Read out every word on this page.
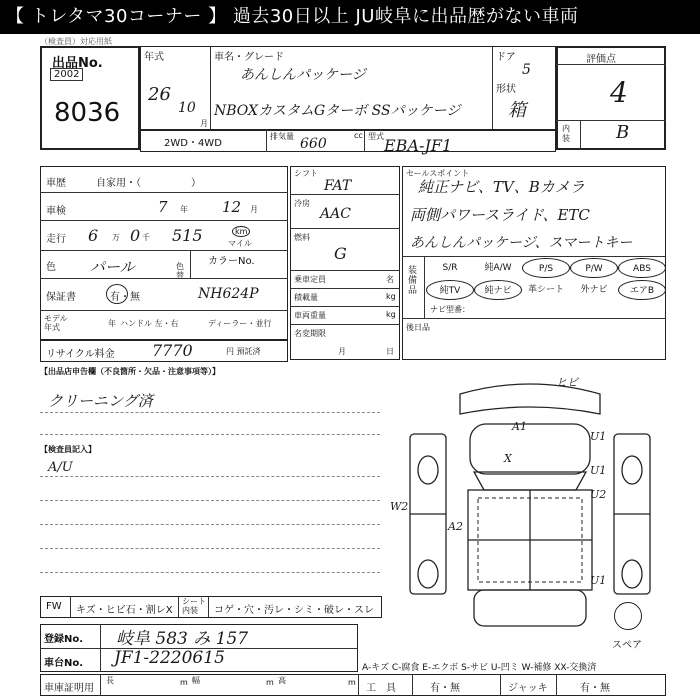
【 トレタマ30コーナー 】 過去30日以上 JU岐阜に出品歴がない車両
（検査員）対応用紙
出品No.
2002
8036
年式
26
10
月
車名・グレード
あんしんパッケージ
NBOXカスタムGターボ SSパッケージ
ドア
5
形状
箱
評価点
4
内装	B
2WD・4WD
排気量 660
cc 型式 EBA-JF1
車歴	自家用・（　　　　　）
車検	7 年 12 月
走行 6 万 0 千 515	km
マイル
色 パール	色替
カラーNo.
保証書	有・無	NH624P
モデル年式	年 ハンドル 左・右	ディーラー・並行
リサイクル料金 7770	円 預託済
シフト
FAT
冷房
AAC
燃料
G
乗車定員	名
積載量	kg
車両重量	kg
名変期限
月	日
セールスポイント
純正ナビ、TV、Bカメラ
両側パワースライド、ETC
あんしんパッケージ、スマートキー
装備品
S/R	純A/W	P/S	P/W	ABS
純TV	純ナビ	革シート	外ナビ	エアB
ナビ型番：
後日品
【出品店申告欄（不良箇所・欠品・注意事項等）】
クリーニング済
【検査員記入】
A/U
ヒビ
A1
U1
U1
U2
W2
A2
U1
X
スペア
FW キズ・ヒビ石・割レX
シート内装	コゲ・穴・汚レ・シミ・破レ・スレ
登録No. 岐阜 583 み 157
車台No. JF1-2220615	A-キズ C-腐食 E-エクボ S-サビ U-凹ミ W-補修 XX-交換済
車庫証明用
長	m 幅	m 高	m
工　具	有・無	ジャッキ	有・無
